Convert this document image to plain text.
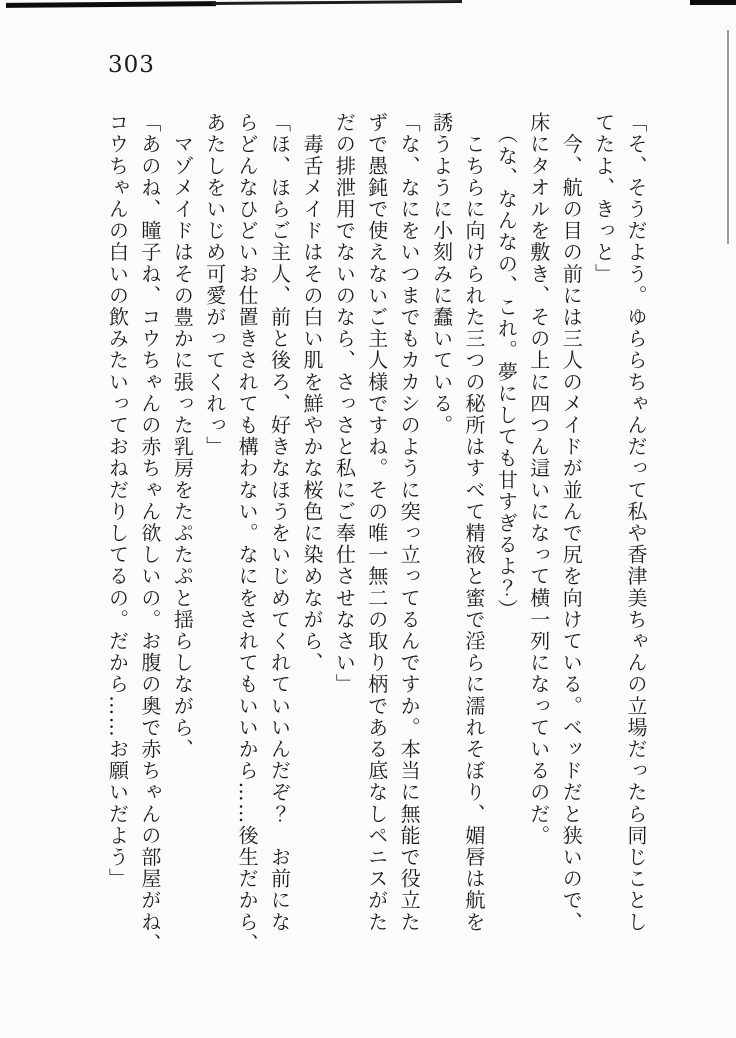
303

「そ、そうだよう。ゆららちゃんだって私や香津美ちゃんの立場だったら同じことし

てたよ、きっと」

　今、航の目の前には三人のメイドが並んで尻を向けている。ベッドだと狭いので、

床にタオルを敷き、その上に四つん這いになって横一列になっているのだ。

　（な、なんなの、これ。夢にしても甘すぎるよ？）

　こちらに向けられた三つの秘所はすべて精液と蜜で淫らに濡れそぼり、媚唇は航を

誘うように小刻みに蠢いている。

「な、なにをいつまでもカカシのように突っ立ってるんですか。本当に無能で役立た

ずで愚鈍で使えないご主人様ですね。その唯一無二の取り柄である底なしペニスがた

だの排泄用でないのなら、さっさと私にご奉仕させなさい」

　毒舌メイドはその白い肌を鮮やかな桜色に染めながら、

「ほ、ほらご主人、前と後ろ、好きなほうをいじめてくれていいんだぞ？　お前にな

らどんなひどいお仕置きされても構わない。なにをされてもいいから……後生だから、

あたしをいじめ可愛がってくれっ」

　マゾメイドはその豊かに張った乳房をたぷたぷと揺らしながら、

「あのね、瞳子ね、コウちゃんの赤ちゃん欲しいの。お腹の奥で赤ちゃんの部屋がね、

コウちゃんの白いの飲みたいっておねだりしてるの。だから……お願いだよう」
